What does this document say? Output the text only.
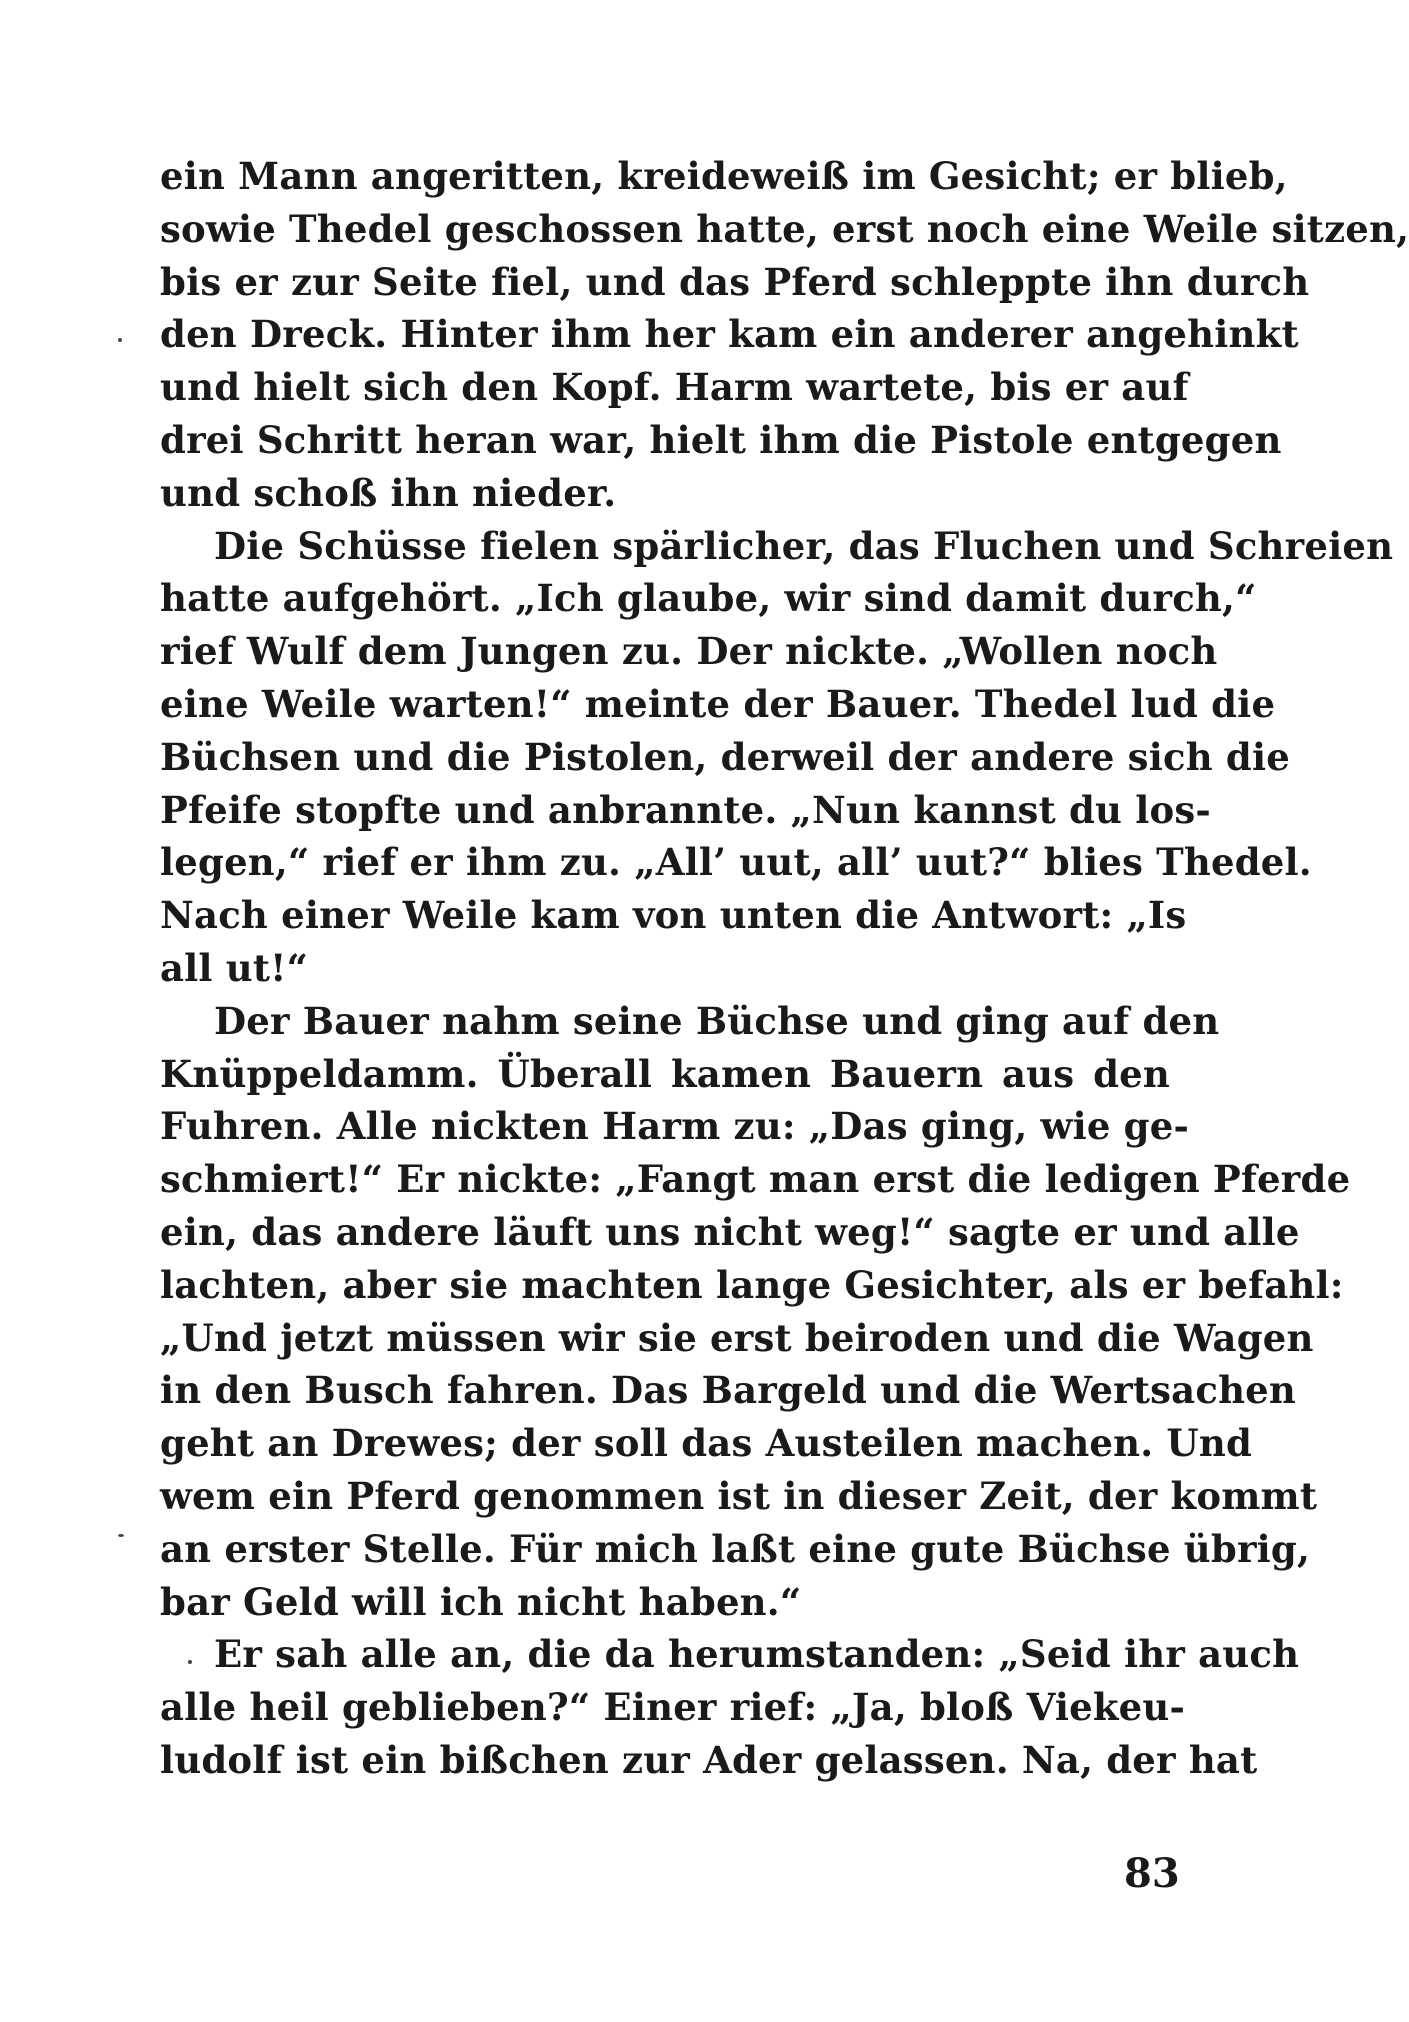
ein Mann angeritten, kreideweiß im Gesicht; er blieb,
sowie Thedel geschossen hatte, erst noch eine Weile sitzen,
bis er zur Seite fiel, und das Pferd schleppte ihn durch
den Dreck. Hinter ihm her kam ein anderer angehinkt
und hielt sich den Kopf. Harm wartete, bis er auf
drei Schritt heran war, hielt ihm die Pistole entgegen
und schoß ihn nieder.

Die Schüsse fielen spärlicher, das Fluchen und Schreien
hatte aufgehört. „Ich glaube, wir sind damit durch,“
rief Wulf dem Jungen zu. Der nickte. „Wollen noch
eine Weile warten!“ meinte der Bauer. Thedel lud die
Büchsen und die Pistolen, derweil der andere sich die
Pfeife stopfte und anbrannte. „Nun kannst du los-
legen,“ rief er ihm zu. „All’ uut, all’ uut?“ blies Thedel.
Nach einer Weile kam von unten die Antwort: „Is
all ut!“

Der Bauer nahm seine Büchse und ging auf den
Knüppeldamm. Überall kamen Bauern aus den
Fuhren. Alle nickten Harm zu: „Das ging, wie ge-
schmiert!“ Er nickte: „Fangt man erst die ledigen Pferde
ein, das andere läuft uns nicht weg!“ sagte er und alle
lachten, aber sie machten lange Gesichter, als er befahl:
„Und jetzt müssen wir sie erst beiroden und die Wagen
in den Busch fahren. Das Bargeld und die Wertsachen
geht an Drewes; der soll das Austeilen machen. Und
wem ein Pferd genommen ist in dieser Zeit, der kommt
an erster Stelle. Für mich laßt eine gute Büchse übrig,
bar Geld will ich nicht haben.“

Er sah alle an, die da herumstanden: „Seid ihr auch
alle heil geblieben?“ Einer rief: „Ja, bloß Viekeu-
ludolf ist ein bißchen zur Ader gelassen. Na, der hat

83
